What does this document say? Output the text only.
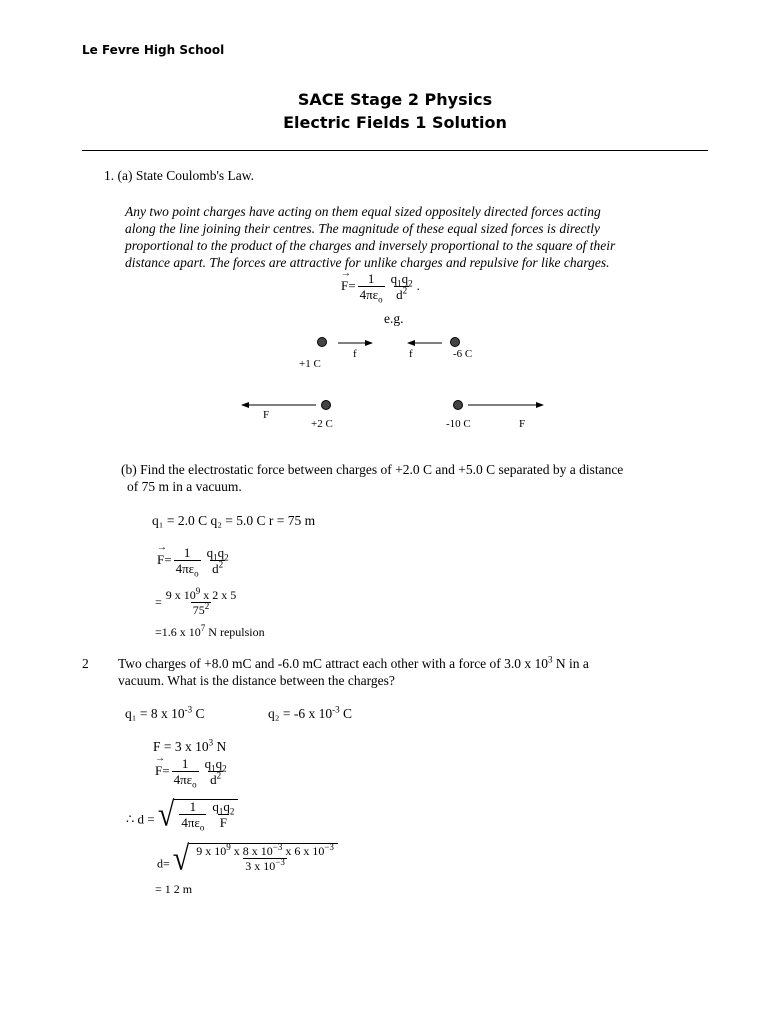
Le Fevre High School
SACE Stage 2 Physics
Electric Fields 1 Solution
1. (a) State Coulomb's Law.
Any two point charges have acting on them equal sized oppositely directed forces acting
along the line joining their centres. The magnitude of these equal sized forces is directly
proportional to the product of the charges and inversely proportional to the square of their
distance apart. The forces are attractive for unlike charges and repulsive for like charges.
→ $F= \frac{1}{4\pi\varepsilon_o} \frac{q_1q_2}{d^2}$ .
e.g.
+1 C
f	f	-6 C
F
+2 C	-10 C	F
(b) Find the electrostatic force between charges of +2.0 C and +5.0 C separated by a distance
of 75 m in a vacuum.
q₁ = 2.0 C q₂ = 5.0 C r = 75 m
→ $F= \frac{1}{4\pi\varepsilon_o} \frac{q_1q_2}{d^2}$
= $\frac{9 x 10^9 x 2 x 5}{75^2}$
=1.6 x $10^7$ N repulsion
2 Two charges of +8.0 mC and -6.0 mC attract each other with a force of 3.0 x $10^3$ N in a
vacuum. What is the distance between the charges?
q₁ = 8 x $10^{-3}$ C	q₂ = -6 x $10^{-3}$ C
F = 3 x $10^3$ N
→ $F= \frac{1}{4\pi\varepsilon_o} \frac{q_1q_2}{d^2}$
∴ d = √ $\frac{1}{4\pi\varepsilon_o} \frac{q_1q_2}{F}$
d= √ $\frac{9 x 10^9 x 8 x 10^{-3} x 6 x 10^{-3}}{3 x 10^{-3}}$
= 1 2 m
